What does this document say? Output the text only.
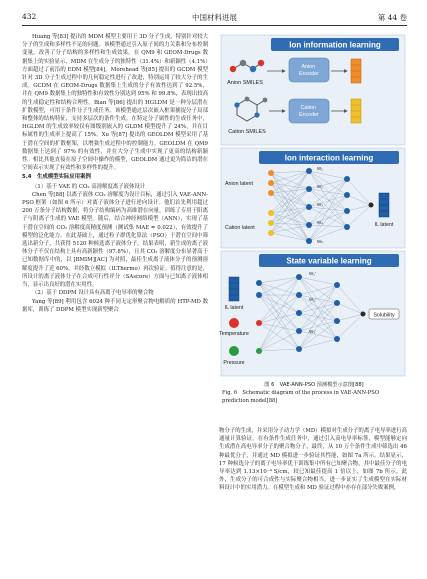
432	中国材料进展	第 44 卷

Huang 等[83] 提出的 MDM 模型主要用于 3D 分子生成，特别针对较大分子的生成和多样性不足的问题。该模型通过引入原子间的力关系和分布控制变量，改善了分子结构的多样性和生成效果。在 QM9 和 GEOM-Drugs 数据集上的实验显示，MDM 在生成分子的独特性（31.4%）和新颖性（4.1%）方面超过了前沿的 EDM 模型[84]。Morehead 等[85] 提出的 GCDM 模型针对 3D 分子生成过程中的几何稳定性进行了改进，特别运用了较大分子的生成。GCDM 在 GEOM-Drugs 数据集上生成的分子有效性达到了 92.5%，并在 QM9 数据集上的独特性和有效性分别达到 95% 和 99.8%，表现出较高的生成稳定性和结构合理性。Bian 等[86] 提出的 HGLDM 是一种分层潜在扩散模型，可用于条件分子生成任务。该模型通过层次嵌入框架捕捉分子局部和整体的结构特征，支持多层次的条件生成。在特定分子属性的生成任务中，HGLDM 的生成效率较仅有图级别嵌入的 GLDM 模型提升了 24%，并在目标属性的生成率上提高了 15%。Xu 等[87] 提出的 GEOLDM 模型采用了基于潜在空间的扩散框架，以增强生成过程中的控制能力。GEOLDM 在 QM9 数据集上达到了 97% 的有效性，并在大分子生成中实现了更高的结构新颖性。相比其他直接在原子空间中操作的模型，GEOLDM 通过更为简洁的潜在空间表示实现了有效性和多样性的提升。

5.4　生成模型实际应用案例

（1）基于 VAE 的 CO₂ 高溶解度离子液体设计

Chen 等[88] 以离子液体 CO₂ 溶解度为设计目标，通过引入 VAE-ANN-PSO 框架（如图 6 所示）对离子液体分子进行逆向设计。他们首先利用超过 200 万条分子结构数据，将分子结构编码为高维潜在向量，训练了专用于阳离子与阴离子生成的 VAE 模型。随后，结合神经网络模型（ANN），实现了基于潜在空间的 CO₂ 溶解度高精度预测（测试集 MAE = 0.022），有效提升了模型的泛化能力。在此基础上，通过粒子群优化算法（PSO）于潜在空间中筛选出新分子，共获得 5120 种候选离子液体分子。结果表明，新生成的离子液体分子不仅在结构上具有高新颖性（97.8%），且其 CO₂ 溶解度分布显著高于已知数据库中的，以 [BMIM][AC] 为对照，最佳生成离子液体分子的预测溶解度提升了近 60%，并经数立模拟（ILThermo）再次验证。值得注意的是，所设计的离子液体分子在合成可行性评分（SAscore）方面与已知离子液体相当，显示出良好的潜在实用性。

（2）基于 DDPM 设计具有高离子电导率的聚合物

Yang 等[89] 利用包含 6024 种不同无定形聚合物电解质的 HTP-MD 数据库，训练了 DDPM 模型实现新型聚合

Ion information learning
Anion SMILES
Cation SMILES
Anion Encoder
Cation Encoder
Ion interaction learning
Anion latent
Cation latent
W₁
W₂
W₃
W₄
Wₙ
IL latent
State variable learning
IL latent
Temperature
Pressure
W₁'
W₂'
W₃'
Solubility
图 6　VAE-ANN-PSO 预测模型示意图[88]
Fig. 6　Schematic diagram of the process in VAE-ANN-PSO prediction model[88]

物分子的生成，并采用分子动力学（MD）模拟对生成分子的离子电导率进行高通量计算验证。在有条件生成任务中，通过引入高电导率标签，模型能够定向生成潜在高电导率分子的聚合物分子，最终，从 10 万个条件生成中筛选出 46 种最优分子，并通过 MD 模拟进一步验证其性能，如图 7a 所示。结果显示，17 种候选分子的离子电导率优于训练集中所有已知聚合物，其中最佳分子的电导率达到 1.13×10⁻⁴ S/cm，较已知最佳提高 1 倍以上，如图 7b 所示。此外，生成分子的可合成性与实际聚合物相当，进一步证实了生成模型在实际材料设计中的实用潜力。在模型生成和 MD 验证过程中亦存在部分失败案例，
